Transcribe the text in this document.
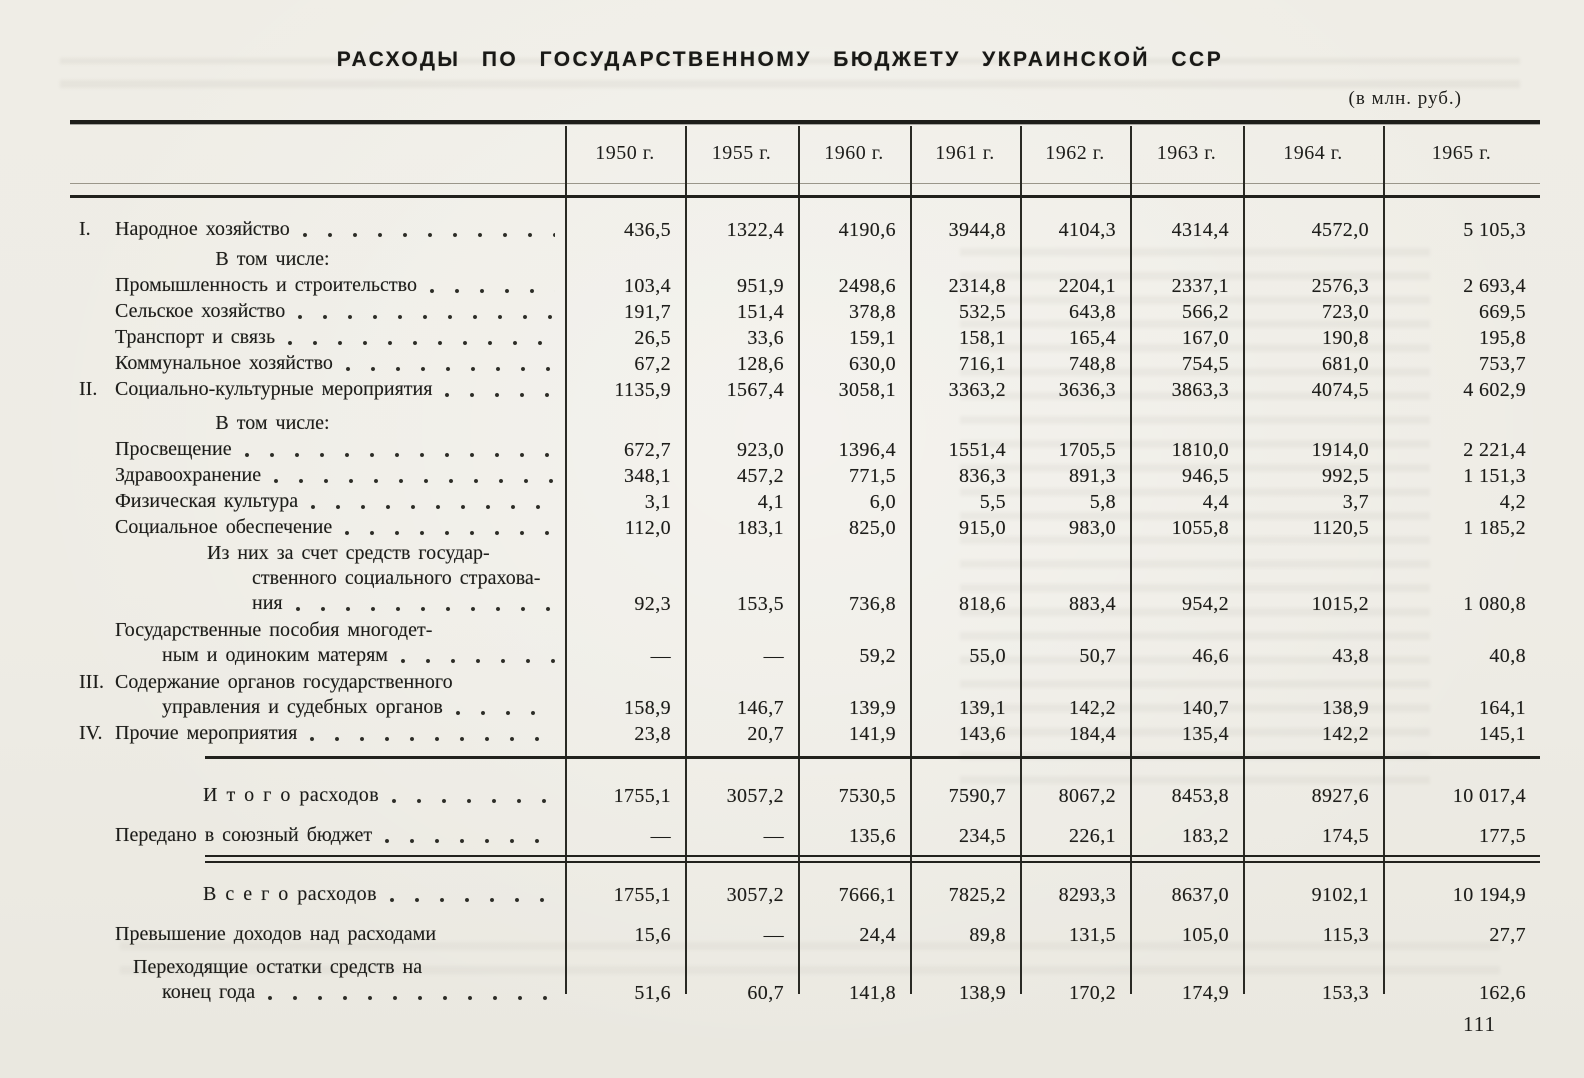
РАСХОДЫ ПО ГОСУДАРСТВЕННОМУ БЮДЖЕТУ УКРАИНСКОЙ ССР
(в млн. руб.)
1950 г.	1955 г.	1960 г.	1961 г.	1962 г.	1963 г.	1964 г.	1965 г.
I.	Народное хозяйство	436,5	1322,4	4190,6	3944,8	4104,3	4314,4	4572,0	5 105,3
В том числе:
Промышленность и строительство	103,4	951,9	2498,6	2314,8	2204,1	2337,1	2576,3	2 693,4
Сельское хозяйство	191,7	151,4	378,8	532,5	643,8	566,2	723,0	669,5
Транспорт и связь	26,5	33,6	159,1	158,1	165,4	167,0	190,8	195,8
Коммунальное хозяйство	67,2	128,6	630,0	716,1	748,8	754,5	681,0	753,7
II. Социально-культурные мероприятия	1135,9	1567,4	3058,1	3363,2	3636,3	3863,3	4074,5	4 602,9
В том числе:
Просвещение	672,7	923,0	1396,4	1551,4	1705,5	1810,0	1914,0	2 221,4
Здравоохранение	348,1	457,2	771,5	836,3	891,3	946,5	992,5	1 151,3
Физическая культура	3,1	4,1	6,0	5,5	5,8	4,4	3,7	4,2
Социальное обеспечение	112,0	183,1	825,0	915,0	983,0	1055,8	1120,5	1 185,2
Из них за счет средств государ-
ственного социального страхова-
ния	92,3	153,5	736,8	818,6	883,4	954,2	1015,2	1 080,8
Государственные пособия многодет-
ным и одиноким матерям	—	—	59,2	55,0	50,7	46,6	43,8	40,8
III. Содержание органов государственного
управления и судебных органов	158,9	146,7	139,9	139,1	142,2	140,7	138,9	164,1
IV. Прочие мероприятия	23,8	20,7	141,9	143,6	184,4	135,4	142,2	145,1
И т о г о расходов	1755,1	3057,2	7530,5	7590,7	8067,2	8453,8	8927,6	10 017,4
Передано в союзный бюджет	—	—	135,6	234,5	226,1	183,2	174,5	177,5
В с е г о расходов	1755,1	3057,2	7666,1	7825,2	8293,3	8637,0	9102,1	10 194,9
Превышение доходов над расходами	15,6	—	24,4	89,8	131,5	105,0	115,3	27,7
Переходящие остатки средств на
конец года	51,6	60,7	141,8	138,9	170,2	174,9	153,3	162,6
111
